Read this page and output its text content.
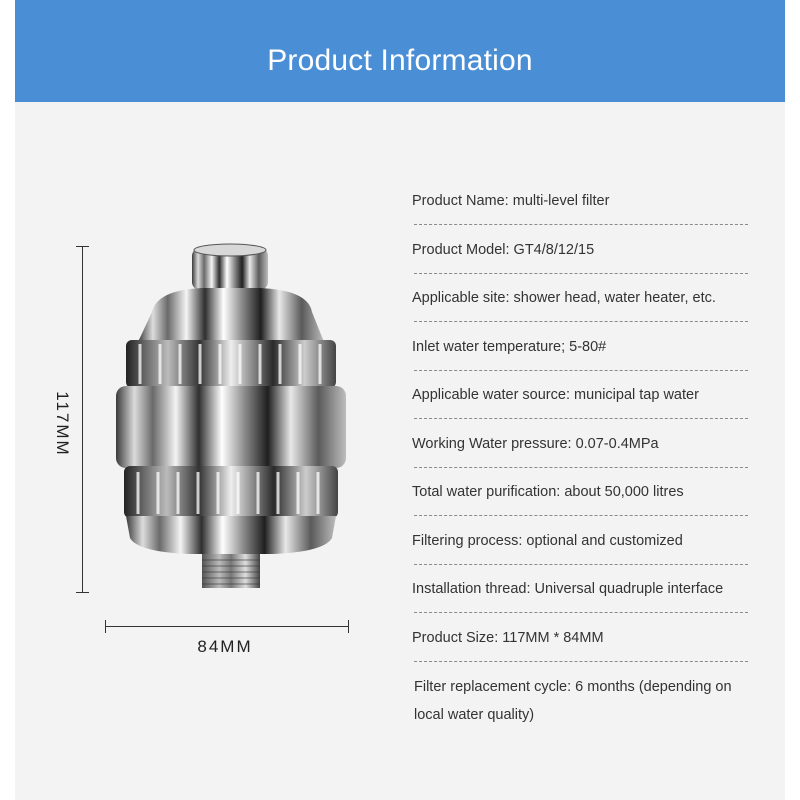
Product Information
117MM
84MM
Product Name: multi-level filter
Product Model: GT4/8/12/15
Applicable site: shower head, water heater, etc.
Inlet water temperature; 5-80#
Applicable water source: municipal tap water
Working Water pressure: 0.07-0.4MPa
Total water purification: about 50,000 litres
Filtering process: optional and customized
Installation thread: Universal quadruple interface
Product Size: 117MM * 84MM
Filter replacement cycle: 6 months (depending on local water quality)
